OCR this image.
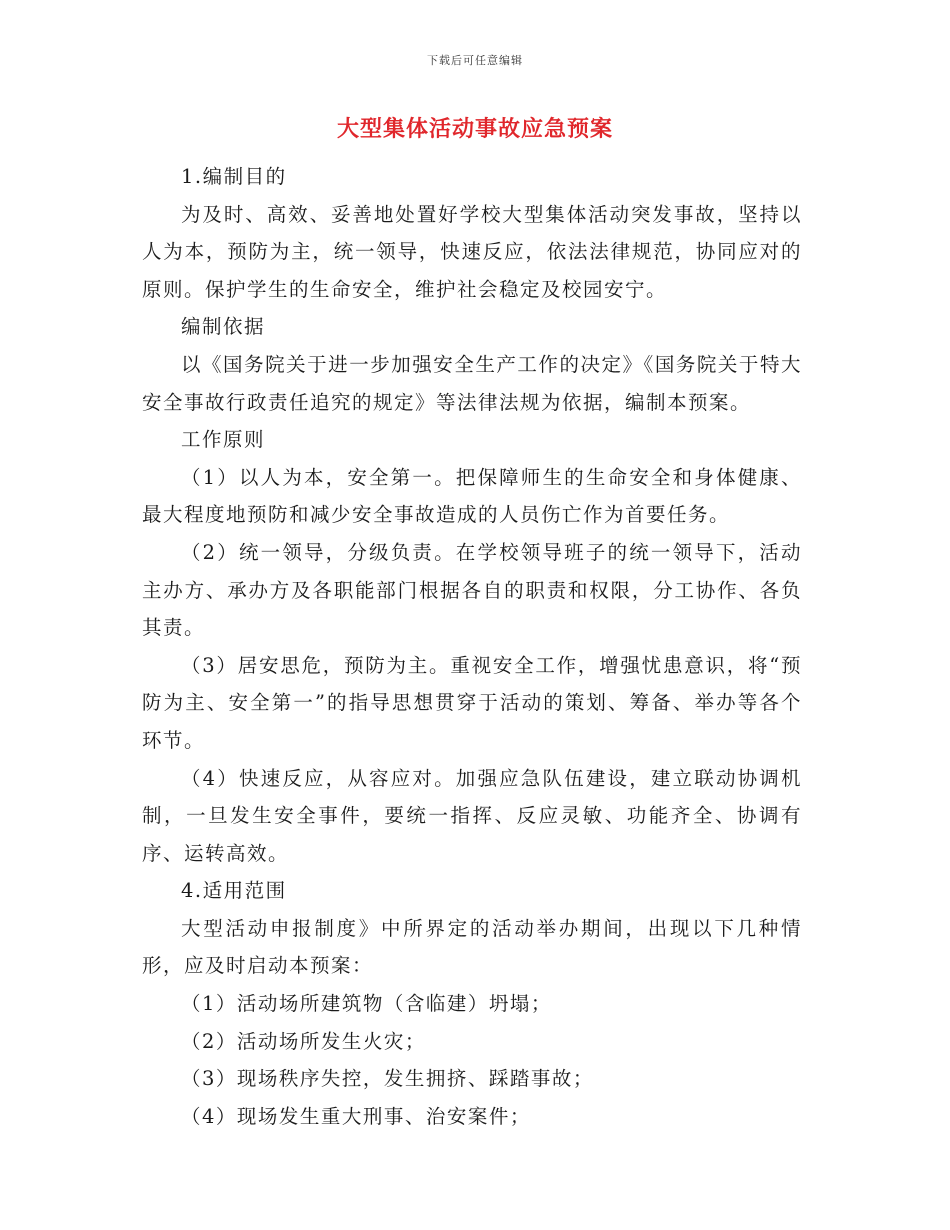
下载后可任意编辑
大型集体活动事故应急预案

1.编制目的

为及时、高效、妥善地处置好学校大型集体活动突发事故，坚持以人为本，预防为主，统一领导，快速反应，依法法律规范，协同应对的原则。保护学生的生命安全，维护社会稳定及校园安宁。

编制依据

以《国务院关于进一步加强安全生产工作的决定》《国务院关于特大安全事故行政责任追究的规定》等法律法规为依据，编制本预案。

工作原则

（1）以人为本，安全第一。把保障师生的生命安全和身体健康、最大程度地预防和减少安全事故造成的人员伤亡作为首要任务。

（2）统一领导，分级负责。在学校领导班子的统一领导下，活动主办方、承办方及各职能部门根据各自的职责和权限，分工协作、各负其责。

（3）居安思危，预防为主。重视安全工作，增强忧患意识，将“预防为主、安全第一”的指导思想贯穿于活动的策划、筹备、举办等各个环节。

（4）快速反应，从容应对。加强应急队伍建设，建立联动协调机制，一旦发生安全事件，要统一指挥、反应灵敏、功能齐全、协调有序、运转高效。

4.适用范围

大型活动申报制度》中所界定的活动举办期间，出现以下几种情形，应及时启动本预案：

（1）活动场所建筑物（含临建）坍塌；

（2）活动场所发生火灾；

（3）现场秩序失控，发生拥挤、踩踏事故；

（4）现场发生重大刑事、治安案件；
